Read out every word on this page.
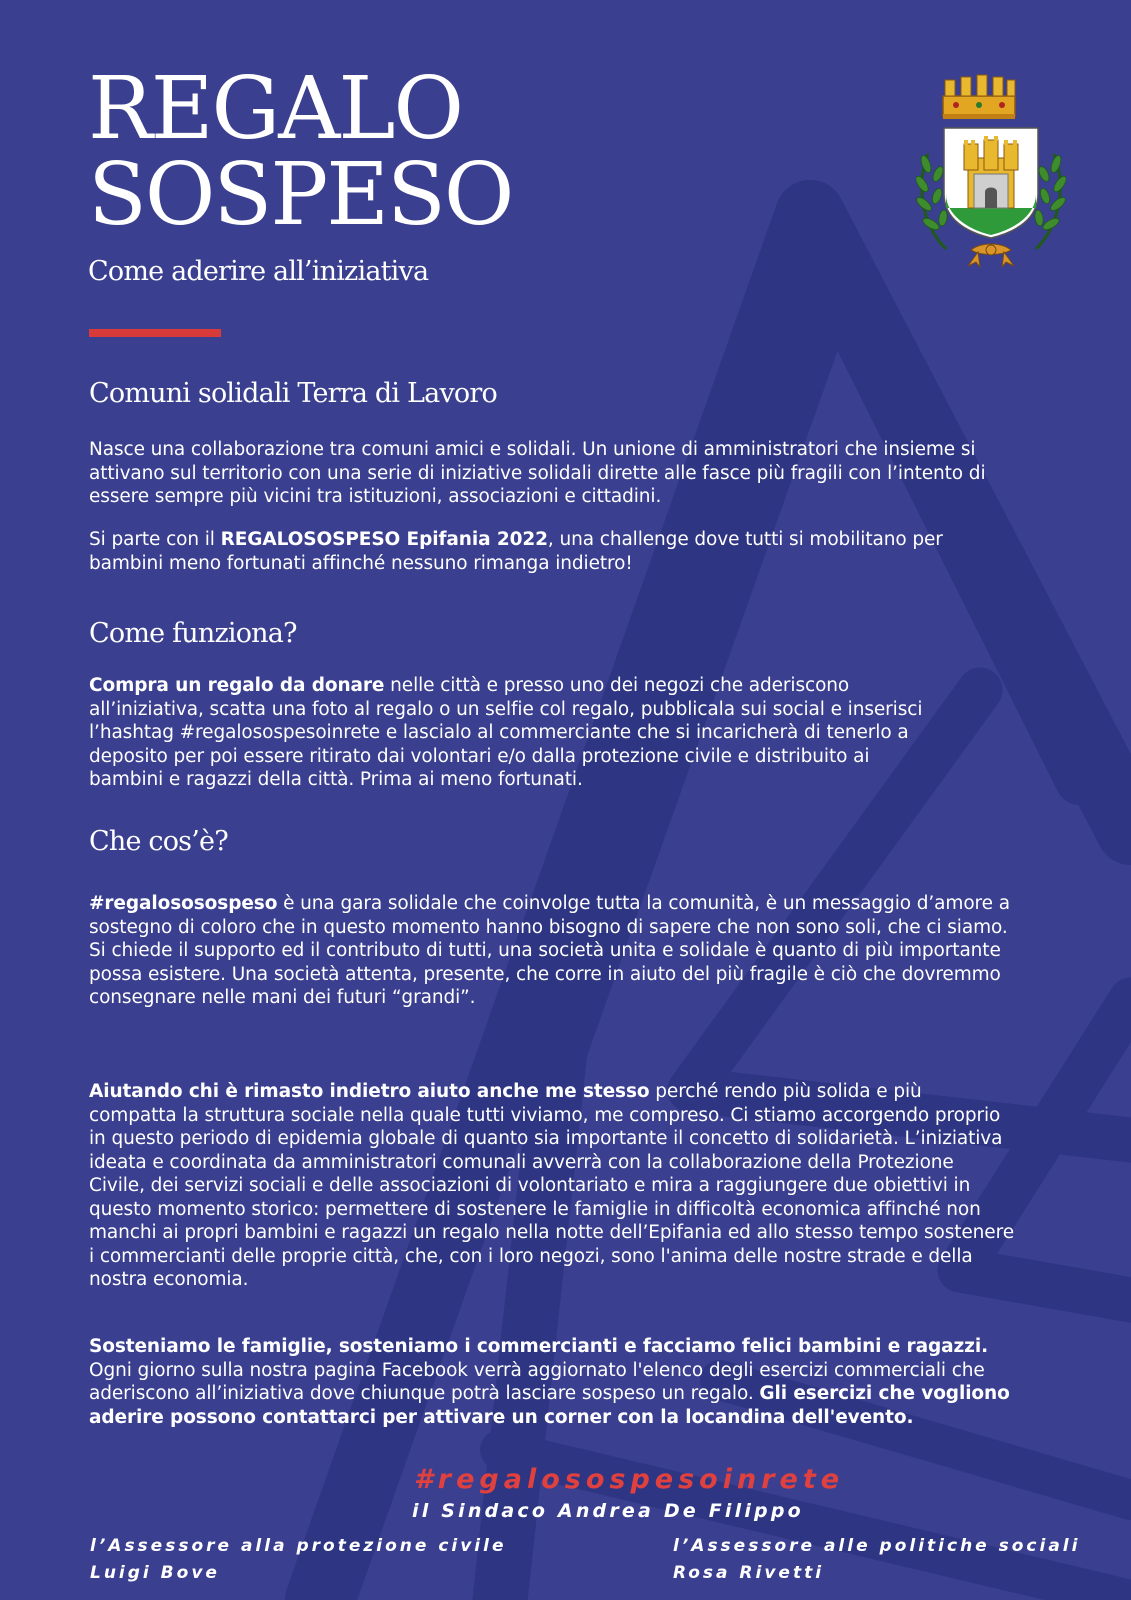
REGALO
SOSPESO
Come aderire all’iniziativa
Comuni solidali Terra di Lavoro

Nasce una collaborazione tra comuni amici e solidali. Un unione di amministratori che insieme si attivano sul territorio con una serie di iniziative solidali dirette alle fasce più fragili con l’intento di essere sempre più vicini tra istituzioni, associazioni e cittadini.

Si parte con il REGALOSOSPESO Epifania 2022, una challenge dove tutti si mobilitano per bambini meno fortunati affinché nessuno rimanga indietro!

Come funziona?

Compra un regalo da donare nelle città e presso uno dei negozi che aderiscono all’iniziativa, scatta una foto al regalo o un selfie col regalo, pubblicala sui social e inserisci l’hashtag #regalosospesoinrete e lascialo al commerciante che si incaricherà di tenerlo a deposito per poi essere ritirato dai volontari e/o dalla protezione civile e distribuito ai bambini e ragazzi della città. Prima ai meno fortunati.

Che cos’è?

#regalososospeso è una gara solidale che coinvolge tutta la comunità, è un messaggio d’amore a sostegno di coloro che in questo momento hanno bisogno di sapere che non sono soli, che ci siamo. Si chiede il supporto ed il contributo di tutti, una società unita e solidale è quanto di più importante possa esistere. Una società attenta, presente, che corre in aiuto del più fragile è ciò che dovremmo consegnare nelle mani dei futuri “grandi”.

Aiutando chi è rimasto indietro aiuto anche me stesso perché rendo più solida e più compatta la struttura sociale nella quale tutti viviamo, me compreso. Ci stiamo accorgendo proprio in questo periodo di epidemia globale di quanto sia importante il concetto di solidarietà. L’iniziativa ideata e coordinata da amministratori comunali avverrà con la collaborazione della Protezione Civile, dei servizi sociali e delle associazioni di volontariato e mira a raggiungere due obiettivi in questo momento storico: permettere di sostenere le famiglie in difficoltà economica affinché non manchi ai propri bambini e ragazzi un regalo nella notte dell’Epifania ed allo stesso tempo sostenere i commercianti delle proprie città, che, con i loro negozi, sono l'anima delle nostre strade e della nostra economia.

Sosteniamo le famiglie, sosteniamo i commercianti e facciamo felici bambini e ragazzi. Ogni giorno sulla nostra pagina Facebook verrà aggiornato l'elenco degli esercizi commerciali che aderiscono all’iniziativa dove chiunque potrà lasciare sospeso un regalo. Gli esercizi che vogliono aderire possono contattarci per attivare un corner con la locandina dell'evento.

#regalosospesoinrete
il Sindaco Andrea De Filippo
l’Assessore alla protezione civile
Luigi Bove
l’Assessore alle politiche sociali
Rosa Rivetti
